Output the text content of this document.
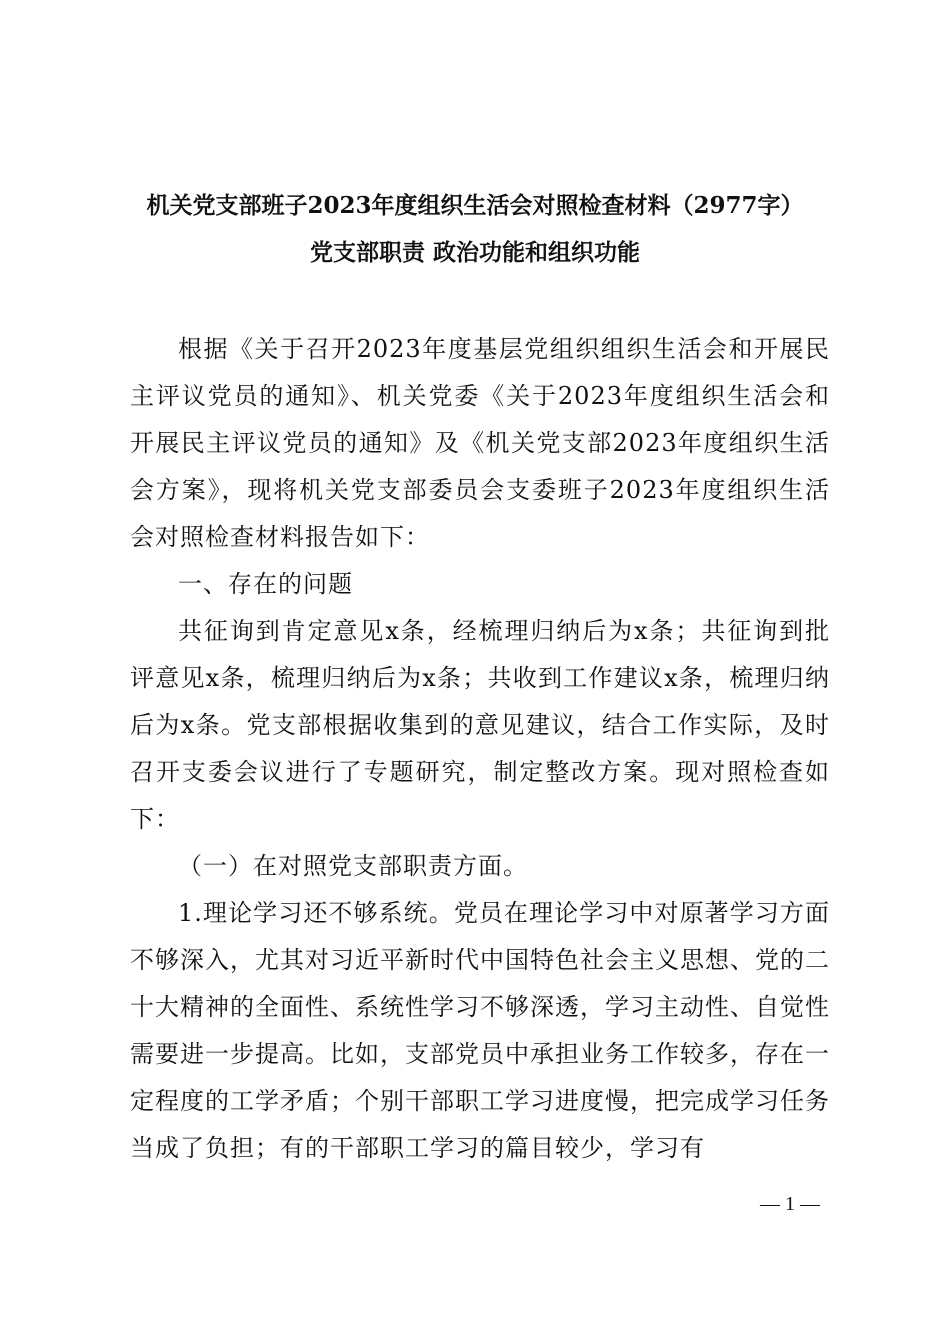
机关党支部班子2023年度组织生活会对照检查材料（2977字）
党支部职责 政治功能和组织功能

根据《关于召开2023年度基层党组织组织生活会和开展民主评议党员的通知》、机关党委《关于2023年度组织生活会和开展民主评议党员的通知》及《机关党支部2023年度组织生活会方案》，现将机关党支部委员会支委班子2023年度组织生活会对照检查材料报告如下：

一、存在的问题

共征询到肯定意见x条，经梳理归纳后为x条；共征询到批评意见x条，梳理归纳后为x条；共收到工作建议x条，梳理归纳后为x条。党支部根据收集到的意见建议，结合工作实际，及时召开支委会议进行了专题研究，制定整改方案。现对照检查如下：

（一）在对照党支部职责方面。

1.理论学习还不够系统。党员在理论学习中对原著学习方面不够深入，尤其对习近平新时代中国特色社会主义思想、党的二十大精神的全面性、系统性学习不够深透，学习主动性、自觉性需要进一步提高。比如，支部党员中承担业务工作较多，存在一定程度的工学矛盾；个别干部职工学习进度慢，把完成学习任务当成了负担；有的干部职工学习的篇目较少，学习有

— 1 —
